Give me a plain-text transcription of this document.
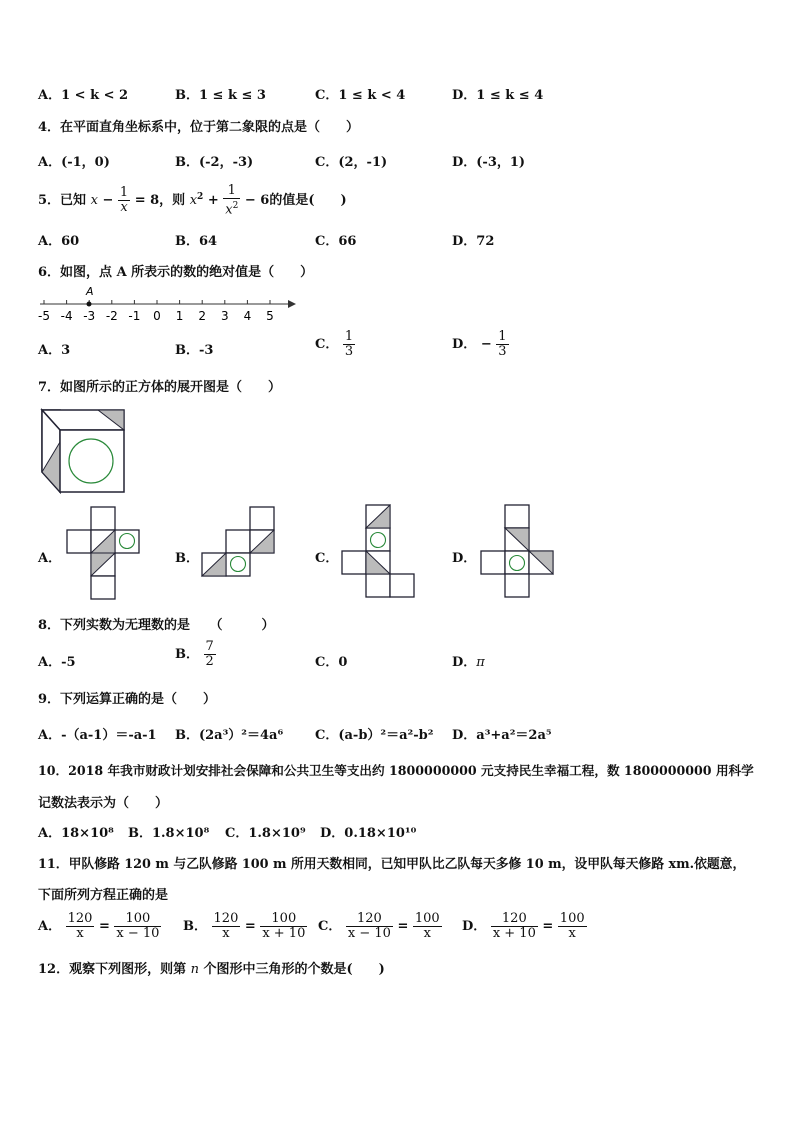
A．1 < k < 2	B．1 ≤ k ≤ 3	C．1 ≤ k < 4	D．1 ≤ k ≤ 4
4．在平面直角坐标系中，位于第二象限的点是（　　）
A．(-1，0)	B．(-2，-3)	C．(2，-1)	D．(-3，1)
5．已知 $x - \frac{1}{x} = 8$，则 $x^2 + \frac{1}{x^2} - 6$的值是(　　)
A．60	B．64	C．66	D．72
6．如图，点 A 所表示的数的绝对值是（　　）
-5 -4 -3 -2 -1 0 1 2 3 4 5
A
A．3	B．-3	C． $\frac{1}{3}$	D． − $\frac{1}{3}$
7．如图所示的正方体的展开图是（　　）
A．	B．	C．	D．
8．下列实数为无理数的是　　（　　　）
A．-5
B． $\frac{7}{2}$	C．0	D．π
9．下列运算正确的是（　　）
A．-（a-1）＝-a-1 B．(2a³）²＝4a⁶ C．(a-b）²＝a²-b² D．a³+a²＝2a⁵
10．2018 年我市财政计划安排社会保障和公共卫生等支出约 1800000000 元支持民生幸福工程，数 1800000000 用科学
记数法表示为（　　）
A．18×10⁸ B．1.8×10⁸ C．1.8×10⁹ D．0.18×10¹⁰
11．甲队修路 120 m 与乙队修路 100 m 所用天数相同，已知甲队比乙队每天多修 10 m，设甲队每天修路 xm.依题意，
下面所列方程正确的是
A． $\frac{120}{x} = \frac{100}{x - 10}$ B． $\frac{120}{x} = \frac{100}{x + 10}$ C． $\frac{120}{x - 10} = \frac{100}{x}$ D． $\frac{120}{x + 10} = \frac{100}{x}$
12．观察下列图形，则第 n 个图形中三角形的个数是(　　)
